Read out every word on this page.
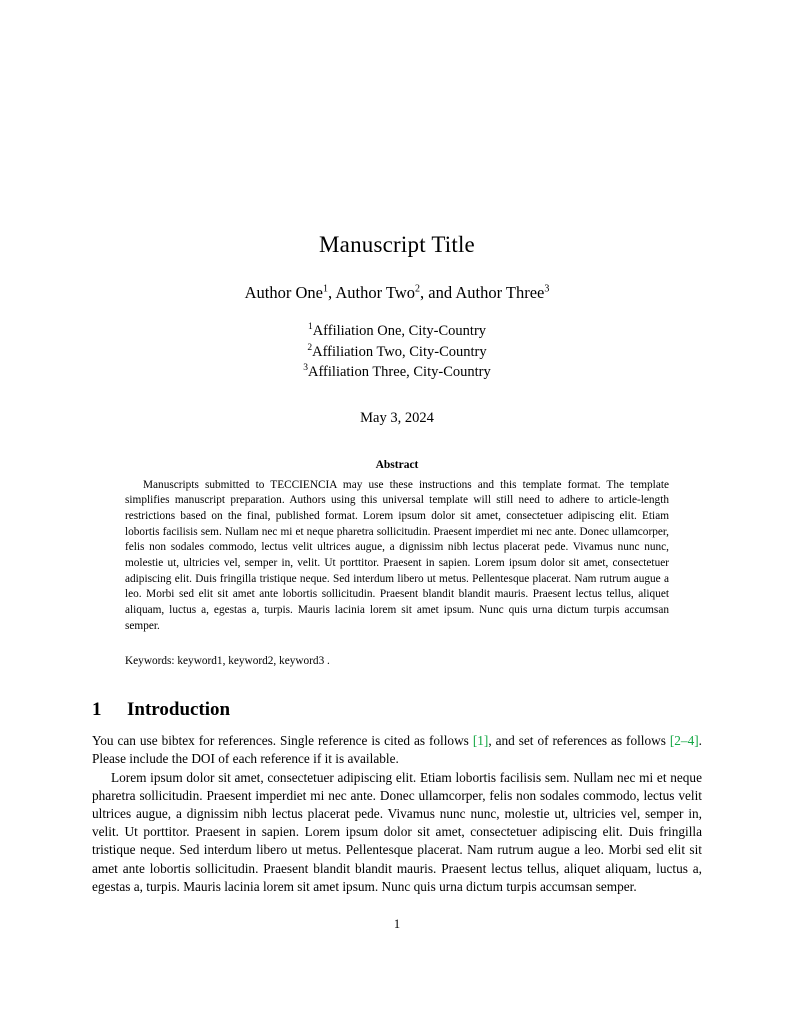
Manuscript Title
Author One$^1$, Author Two$^2$, and Author Three$^3$
$^1$Affiliation One, City-Country
$^2$Affiliation Two, City-Country
$^3$Affiliation Three, City-Country
May 3, 2024
Abstract
Manuscripts submitted to TECCIENCIA may use these instructions and this template format. The template simplifies manuscript preparation. Authors using this universal template will still need to adhere to article-length restrictions based on the final, published format. Lorem ipsum dolor sit amet, consectetuer adipiscing elit. Etiam lobortis facilisis sem. Nullam nec mi et neque pharetra sollicitudin. Praesent imperdiet mi nec ante. Donec ullamcorper, felis non sodales commodo, lectus velit ultrices augue, a dignissim nibh lectus placerat pede. Vivamus nunc nunc, molestie ut, ultricies vel, semper in, velit. Ut porttitor. Praesent in sapien. Lorem ipsum dolor sit amet, consectetuer adipiscing elit. Duis fringilla tristique neque. Sed interdum libero ut metus. Pellentesque placerat. Nam rutrum augue a leo. Morbi sed elit sit amet ante lobortis sollicitudin. Praesent blandit blandit mauris. Praesent lectus tellus, aliquet aliquam, luctus a, egestas a, turpis. Mauris lacinia lorem sit amet ipsum. Nunc quis urna dictum turpis accumsan semper.
Keywords: keyword1, keyword2, keyword3 .
1	Introduction
You can use bibtex for references. Single reference is cited as follows [1], and set of references as follows [2–4]. Please include the DOI of each reference if it is available.
Lorem ipsum dolor sit amet, consectetuer adipiscing elit. Etiam lobortis facilisis sem. Nullam nec mi et neque pharetra sollicitudin. Praesent imperdiet mi nec ante. Donec ullamcorper, felis non sodales commodo, lectus velit ultrices augue, a dignissim nibh lectus placerat pede. Vivamus nunc nunc, molestie ut, ultricies vel, semper in, velit. Ut porttitor. Praesent in sapien. Lorem ipsum dolor sit amet, consectetuer adipiscing elit. Duis fringilla tristique neque. Sed interdum libero ut metus. Pellentesque placerat. Nam rutrum augue a leo. Morbi sed elit sit amet ante lobortis sollicitudin. Praesent blandit blandit mauris. Praesent lectus tellus, aliquet aliquam, luctus a, egestas a, turpis. Mauris lacinia lorem sit amet ipsum. Nunc quis urna dictum turpis accumsan semper.
1
